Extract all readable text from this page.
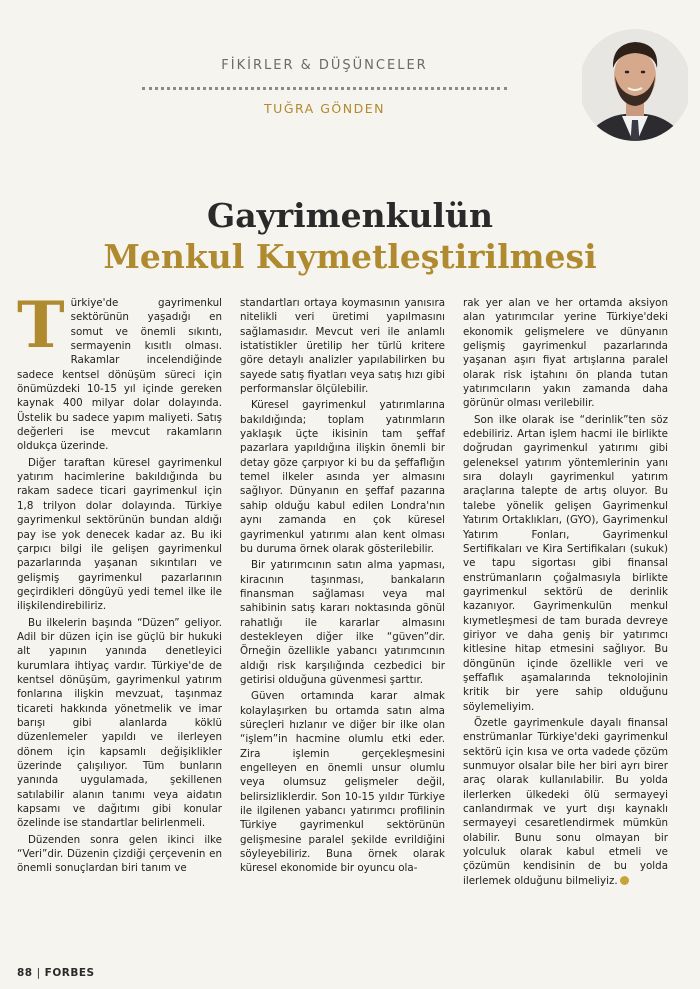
FİKİRLER & DÜŞÜNCELER
TUĞRA GÖNDEN
Gayrimenkulün
Menkul Kıymetleştirilmesi

Türkiye'de gayrimenkul sektörünün yaşadığı en somut ve önemli sıkıntı, sermayenin kısıtlı olması. Rakamlar incelendiğinde sadece kentsel dönüşüm süreci için önümüzdeki 10-15 yıl içinde gereken kaynak 400 milyar dolar dolayında. Üstelik bu sadece yapım maliyeti. Satış değerleri ise mevcut rakamların oldukça üzerinde.

Diğer taraftan küresel gayrimenkul yatırım hacimlerine bakıldığında bu rakam sadece ticari gayrimenkul için 1,8 trilyon dolar dolayında. Türkiye gayrimenkul sektörünün bundan aldığı pay ise yok denecek kadar az. Bu iki çarpıcı bilgi ile gelişen gayrimenkul pazarlarında yaşanan sıkıntıları ve gelişmiş gayrimenkul pazarlarının geçirdikleri döngüyü yedi temel ilke ile ilişkilendirebiliriz.

Bu ilkelerin başında “Düzen” geliyor. Adil bir düzen için ise güçlü bir hukuki alt yapının yanında denetleyici kurumlara ihtiyaç vardır. Türkiye'de de kentsel dönüşüm, gayrimenkul yatırım fonlarına ilişkin mevzuat, taşınmaz ticareti hakkında yönetmelik ve imar barışı gibi alanlarda köklü düzenlemeler yapıldı ve ilerleyen dönem için kapsamlı değişiklikler üzerinde çalışılıyor. Tüm bunların yanında uygulamada, şekillenen satılabilir alanın tanımı veya aidatın kapsamı ve dağıtımı gibi konular özelinde ise standartlar belirlenmeli.

Düzenden sonra gelen ikinci ilke “Veri”dir. Düzenin çizdiği çerçevenin en önemli sonuçlardan biri tanım ve

standartları ortaya koymasının yanısıra nitelikli veri üretimi yapılmasını sağlamasıdır. Mevcut veri ile anlamlı istatistikler üretilip her türlü kritere göre detaylı analizler yapılabilirken bu sayede satış fiyatları veya satış hızı gibi performanslar ölçülebilir.

Küresel gayrimenkul yatırımlarına bakıldığında; toplam yatırımların yaklaşık üçte ikisinin tam şeffaf pazarlara yapıldığına ilişkin önemli bir detay göze çarpıyor ki bu da şeffaflığın temel ilkeler asında yer almasını sağlıyor. Dünyanın en şeffaf pazarına sahip olduğu kabul edilen Londra'nın aynı zamanda en çok küresel gayrimenkul yatırımı alan kent olması bu duruma örnek olarak gösterilebilir.

Bir yatırımcının satın alma yapması, kiracının taşınması, bankaların finansman sağlaması veya mal sahibinin satış kararı noktasında gönül rahatlığı ile kararlar almasını destekleyen diğer ilke “güven”dir. Örneğin özellikle yabancı yatırımcının aldığı risk karşılığında cezbedici bir getirisi olduğuna güvenmesi şarttır.

Güven ortamında karar almak kolaylaşırken bu ortamda satın alma süreçleri hızlanır ve diğer bir ilke olan “işlem”in hacmine olumlu etki eder. Zira işlemin gerçekleşmesini engelleyen en önemli unsur olumlu veya olumsuz gelişmeler değil, belirsizliklerdir. Son 10-15 yıldır Türkiye ile ilgilenen yabancı yatırımcı profilinin Türkiye gayrimenkul sektörünün gelişmesine paralel şekilde evrildiğini söyleyebiliriz. Buna örnek olarak küresel ekonomide bir oyuncu ola-

rak yer alan ve her ortamda aksiyon alan yatırımcılar yerine Türkiye'deki ekonomik gelişmelere ve dünyanın gelişmiş gayrimenkul pazarlarında yaşanan aşırı fiyat artışlarına paralel olarak risk iştahını ön planda tutan yatırımcıların yakın zamanda daha görünür olması verilebilir.

Son ilke olarak ise “derinlik”ten söz edebiliriz. Artan işlem hacmi ile birlikte doğrudan gayrimenkul yatırımı gibi geleneksel yatırım yöntemlerinin yanı sıra dolaylı gayrimenkul yatırım araçlarına talepte de artış oluyor. Bu talebe yönelik gelişen Gayrimenkul Yatırım Ortaklıkları, (GYO), Gayrimenkul Yatırım Fonları, Gayrimenkul Sertifikaları ve Kira Sertifikaları (sukuk) ve tapu sigortası gibi finansal enstrümanların çoğalmasıyla birlikte gayrimenkul sektörü de derinlik kazanıyor. Gayrimenkulün menkul kıymetleşmesi de tam burada devreye giriyor ve daha geniş bir yatırımcı kitlesine hitap etmesini sağlıyor. Bu döngünün içinde özellikle veri ve şeffaflık aşamalarında teknolojinin kritik bir yere sahip olduğunu söylemeliyim.

Özetle gayrimenkule dayalı finansal enstrümanlar Türkiye'deki gayrimenkul sektörü için kısa ve orta vadede çözüm sunmuyor olsalar bile her biri ayrı birer araç olarak kullanılabilir. Bu yolda ilerlerken ülkedeki ölü sermayeyi canlandırmak ve yurt dışı kaynaklı sermayeyi cesaretlendirmek mümkün olabilir. Bunu sonu olmayan bir yolculuk olarak kabul etmeli ve çözümün kendisinin de bu yolda ilerlemek olduğunu bilmeliyiz.

88 | FORBES
